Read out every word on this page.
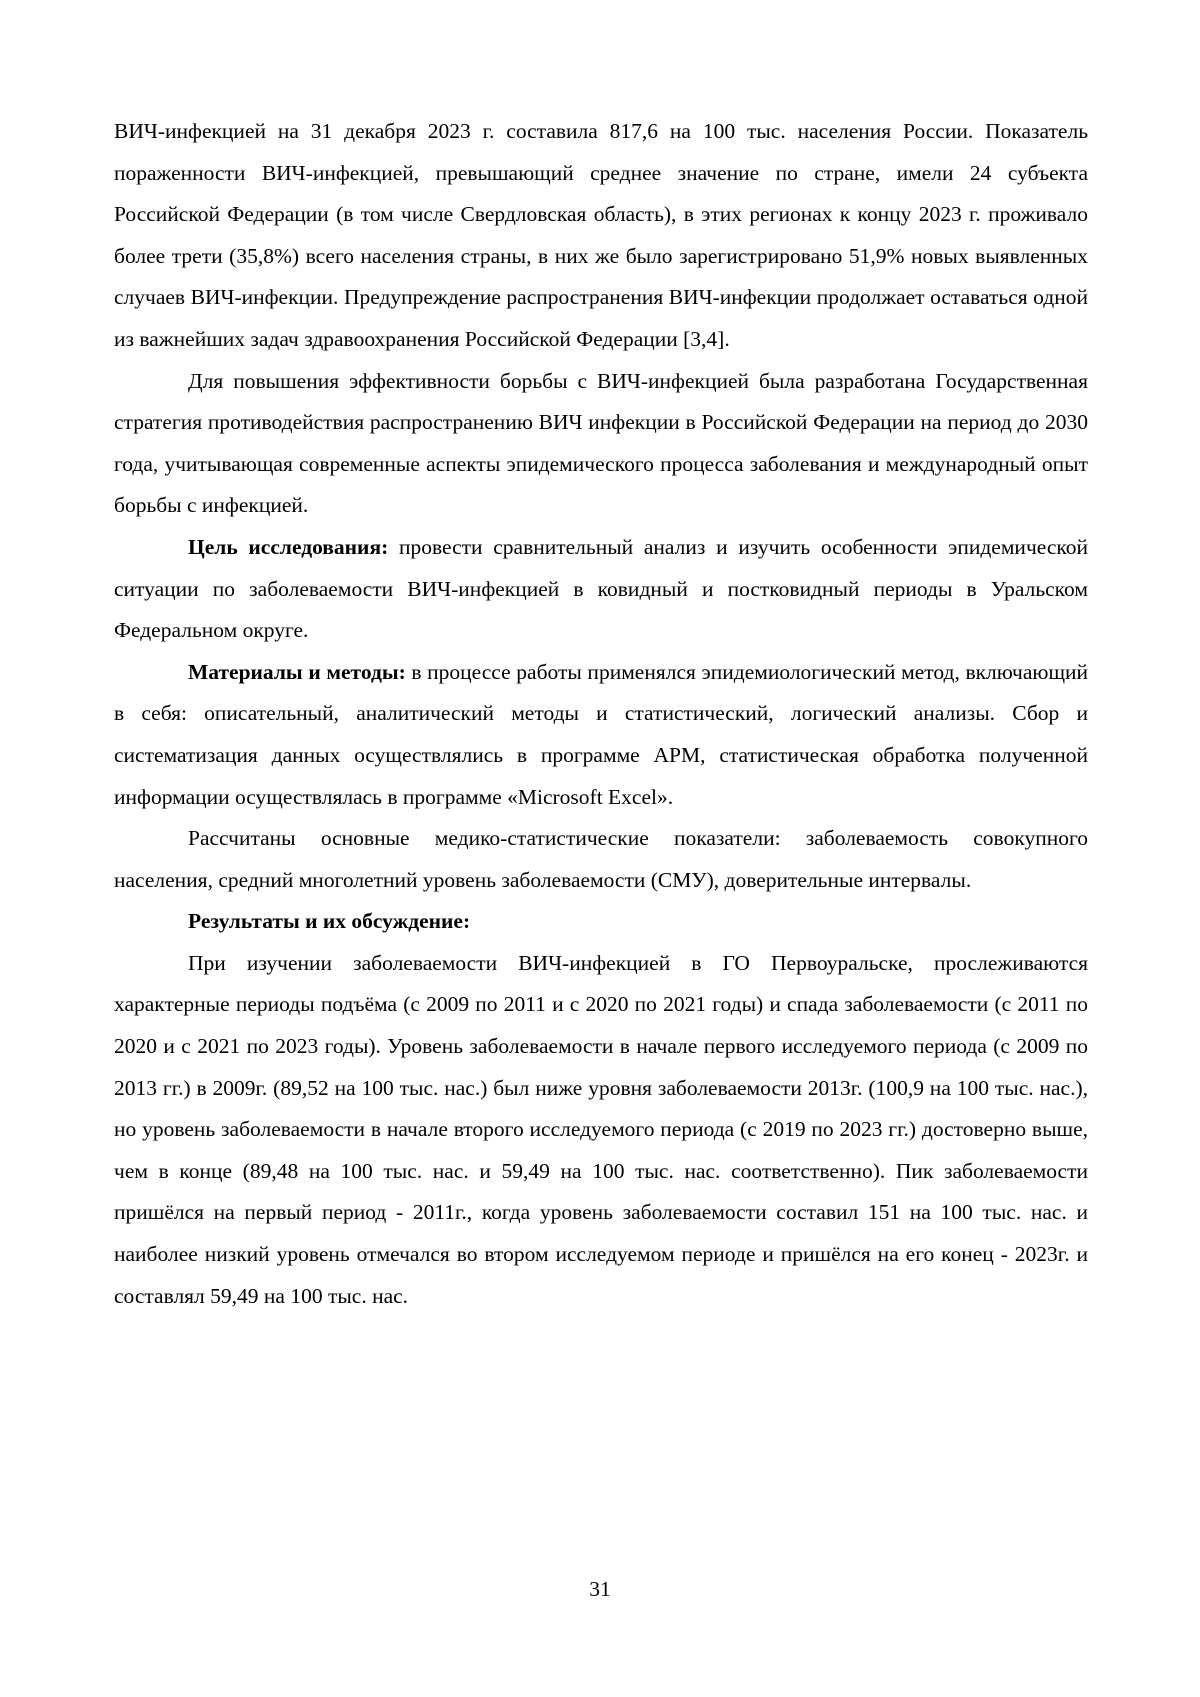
ВИЧ-инфекцией на 31 декабря 2023 г. составила 817,6 на 100 тыс. населения России. Показатель пораженности ВИЧ-инфекцией, превышающий среднее значение по стране, имели 24 субъекта Российской Федерации (в том числе Свердловская область), в этих регионах к концу 2023 г. проживало более трети (35,8%) всего населения страны, в них же было зарегистрировано 51,9% новых выявленных случаев ВИЧ-инфекции. Предупреждение распространения ВИЧ-инфекции продолжает оставаться одной из важнейших задач здравоохранения Российской Федерации [3,4].

Для повышения эффективности борьбы с ВИЧ-инфекцией была разработана Государственная стратегия противодействия распространению ВИЧ инфекции в Российской Федерации на период до 2030 года, учитывающая современные аспекты эпидемического процесса заболевания и международный опыт борьбы с инфекцией.

Цель исследования: провести сравнительный анализ и изучить особенности эпидемической ситуации по заболеваемости ВИЧ-инфекцией в ковидный и постковидный периоды в Уральском Федеральном округе.

Материалы и методы: в процессе работы применялся эпидемиологический метод, включающий в себя: описательный, аналитический методы и статистический, логический анализы. Сбор и систематизация данных осуществлялись в программе АРМ, статистическая обработка полученной информации осуществлялась в программе «Microsoft Excel».

Рассчитаны основные медико-статистические показатели: заболеваемость совокупного населения, средний многолетний уровень заболеваемости (СМУ), доверительные интервалы.

Результаты и их обсуждение:

При изучении заболеваемости ВИЧ-инфекцией в ГО Первоуральске, прослеживаются характерные периоды подъёма (с 2009 по 2011 и с 2020 по 2021 годы) и спада заболеваемости (с 2011 по 2020 и с 2021 по 2023 годы). Уровень заболеваемости в начале первого исследуемого периода (с 2009 по 2013 гг.) в 2009г. (89,52 на 100 тыс. нас.) был ниже уровня заболеваемости 2013г. (100,9 на 100 тыс. нас.), но уровень заболеваемости в начале второго исследуемого периода (с 2019 по 2023 гг.) достоверно выше, чем в конце (89,48 на 100 тыс. нас. и 59,49 на 100 тыс. нас. соответственно). Пик заболеваемости пришёлся на первый период - 2011г., когда уровень заболеваемости составил 151 на 100 тыс. нас. и наиболее низкий уровень отмечался во втором исследуемом периоде и пришёлся на его конец - 2023г. и составлял 59,49 на 100 тыс. нас.

31
